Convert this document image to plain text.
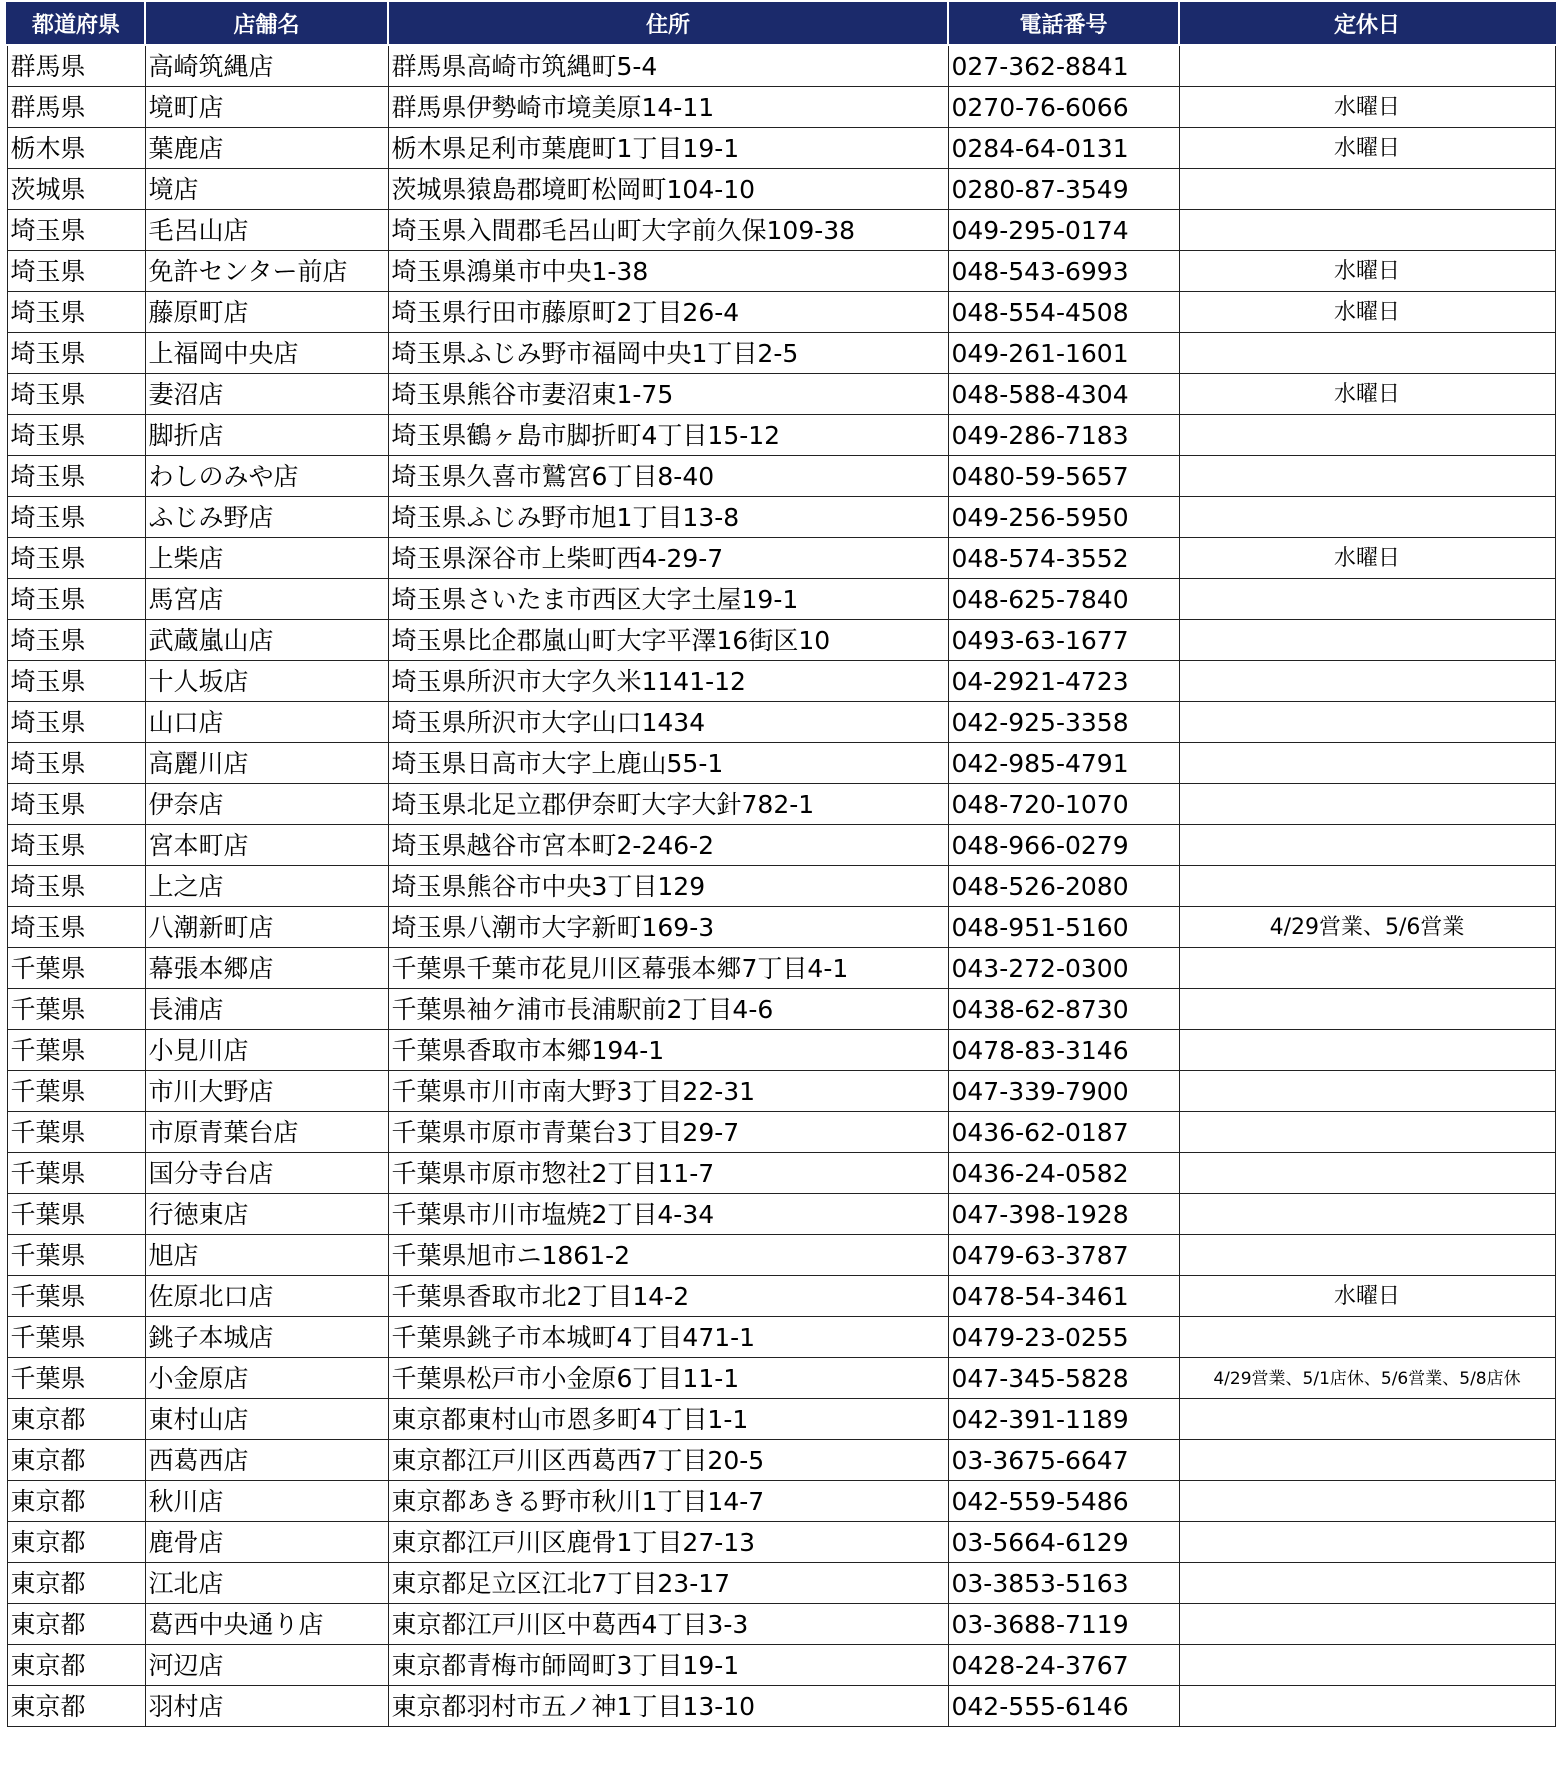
都道府県	店舗名	住所	電話番号	定休日
群馬県	高崎筑縄店	群馬県高崎市筑縄町5-4	027-362-8841	
群馬県	境町店	群馬県伊勢崎市境美原14-11	0270-76-6066	水曜日
栃木県	葉鹿店	栃木県足利市葉鹿町1丁目19-1	0284-64-0131	水曜日
茨城県	境店	茨城県猿島郡境町松岡町104-10	0280-87-3549	
埼玉県	毛呂山店	埼玉県入間郡毛呂山町大字前久保109-38	049-295-0174	
埼玉県	免許センター前店	埼玉県鴻巣市中央1-38	048-543-6993	水曜日
埼玉県	藤原町店	埼玉県行田市藤原町2丁目26-4	048-554-4508	水曜日
埼玉県	上福岡中央店	埼玉県ふじみ野市福岡中央1丁目2-5	049-261-1601	
埼玉県	妻沼店	埼玉県熊谷市妻沼東1-75	048-588-4304	水曜日
埼玉県	脚折店	埼玉県鶴ヶ島市脚折町4丁目15-12	049-286-7183	
埼玉県	わしのみや店	埼玉県久喜市鷲宮6丁目8-40	0480-59-5657	
埼玉県	ふじみ野店	埼玉県ふじみ野市旭1丁目13-8	049-256-5950	
埼玉県	上柴店	埼玉県深谷市上柴町西4-29-7	048-574-3552	水曜日
埼玉県	馬宮店	埼玉県さいたま市西区大字土屋19-1	048-625-7840	
埼玉県	武蔵嵐山店	埼玉県比企郡嵐山町大字平澤16街区10	0493-63-1677	
埼玉県	十人坂店	埼玉県所沢市大字久米1141-12	04-2921-4723	
埼玉県	山口店	埼玉県所沢市大字山口1434	042-925-3358	
埼玉県	高麗川店	埼玉県日高市大字上鹿山55-1	042-985-4791	
埼玉県	伊奈店	埼玉県北足立郡伊奈町大字大針782-1	048-720-1070	
埼玉県	宮本町店	埼玉県越谷市宮本町2-246-2	048-966-0279	
埼玉県	上之店	埼玉県熊谷市中央3丁目129	048-526-2080	
埼玉県	八潮新町店	埼玉県八潮市大字新町169-3	048-951-5160	4/29営業、5/6営業
千葉県	幕張本郷店	千葉県千葉市花見川区幕張本郷7丁目4-1	043-272-0300	
千葉県	長浦店	千葉県袖ケ浦市長浦駅前2丁目4-6	0438-62-8730	
千葉県	小見川店	千葉県香取市本郷194-1	0478-83-3146	
千葉県	市川大野店	千葉県市川市南大野3丁目22-31	047-339-7900	
千葉県	市原青葉台店	千葉県市原市青葉台3丁目29-7	0436-62-0187	
千葉県	国分寺台店	千葉県市原市惣社2丁目11-7	0436-24-0582	
千葉県	行徳東店	千葉県市川市塩焼2丁目4-34	047-398-1928	
千葉県	旭店	千葉県旭市ニ1861-2	0479-63-3787	
千葉県	佐原北口店	千葉県香取市北2丁目14-2	0478-54-3461	水曜日
千葉県	銚子本城店	千葉県銚子市本城町4丁目471-1	0479-23-0255	
千葉県	小金原店	千葉県松戸市小金原6丁目11-1	047-345-5828	4/29営業、5/1店休、5/6営業、5/8店休
東京都	東村山店	東京都東村山市恩多町4丁目1-1	042-391-1189	
東京都	西葛西店	東京都江戸川区西葛西7丁目20-5	03-3675-6647	
東京都	秋川店	東京都あきる野市秋川1丁目14-7	042-559-5486	
東京都	鹿骨店	東京都江戸川区鹿骨1丁目27-13	03-5664-6129	
東京都	江北店	東京都足立区江北7丁目23-17	03-3853-5163	
東京都	葛西中央通り店	東京都江戸川区中葛西4丁目3-3	03-3688-7119	
東京都	河辺店	東京都青梅市師岡町3丁目19-1	0428-24-3767	
東京都	羽村店	東京都羽村市五ノ神1丁目13-10	042-555-6146	
